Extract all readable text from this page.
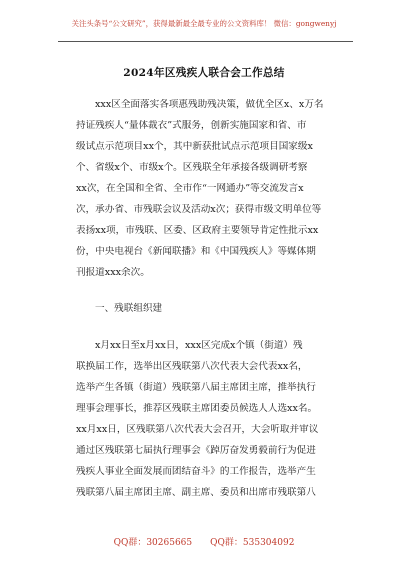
关注头条号“公文研究”，获得最新最全最专业的公文资料库！ 微信：gongwenyj
2024年区残疾人联合会工作总结
xxx区全面落实各项惠残助残决策，做优全区x、x万名
持证残疾人“量体裁衣”式服务，创新实施国家和省、市
级试点示范项目xx个，其中新获批试点示范项目国家级x
个、省级x个、市级x个。区残联全年承接各级调研考察
xx次，在全国和全省、全市作“一网通办”等交流发言x
次，承办省、市残联会议及活动x次；获得市级文明单位等
表扬xx项，市残联、区委、区政府主要领导肯定性批示xx
份，中央电视台《新闻联播》和《中国残疾人》等媒体期
刊报道xxx余次。
一、残联组织建
x月xx日至x月xx日，xxx区完成x个镇（街道）残
联换届工作，选举出区残联第八次代表大会代表xx名，
选举产生各镇（街道）残联第八届主席团主席，推举执行
理事会理事长，推荐区残联主席团委员候选人人选xx名。
xx月xx日，区残联第八次代表大会召开，大会听取并审议
通过区残联第七届执行理事会《踔厉奋发勇毅前行为促进
残疾人事业全面发展而团结奋斗》的工作报告，选举产生
残联第八届主席团主席、副主席、委员和出席市残联第八
QQ群：30265665 QQ群：535304092
